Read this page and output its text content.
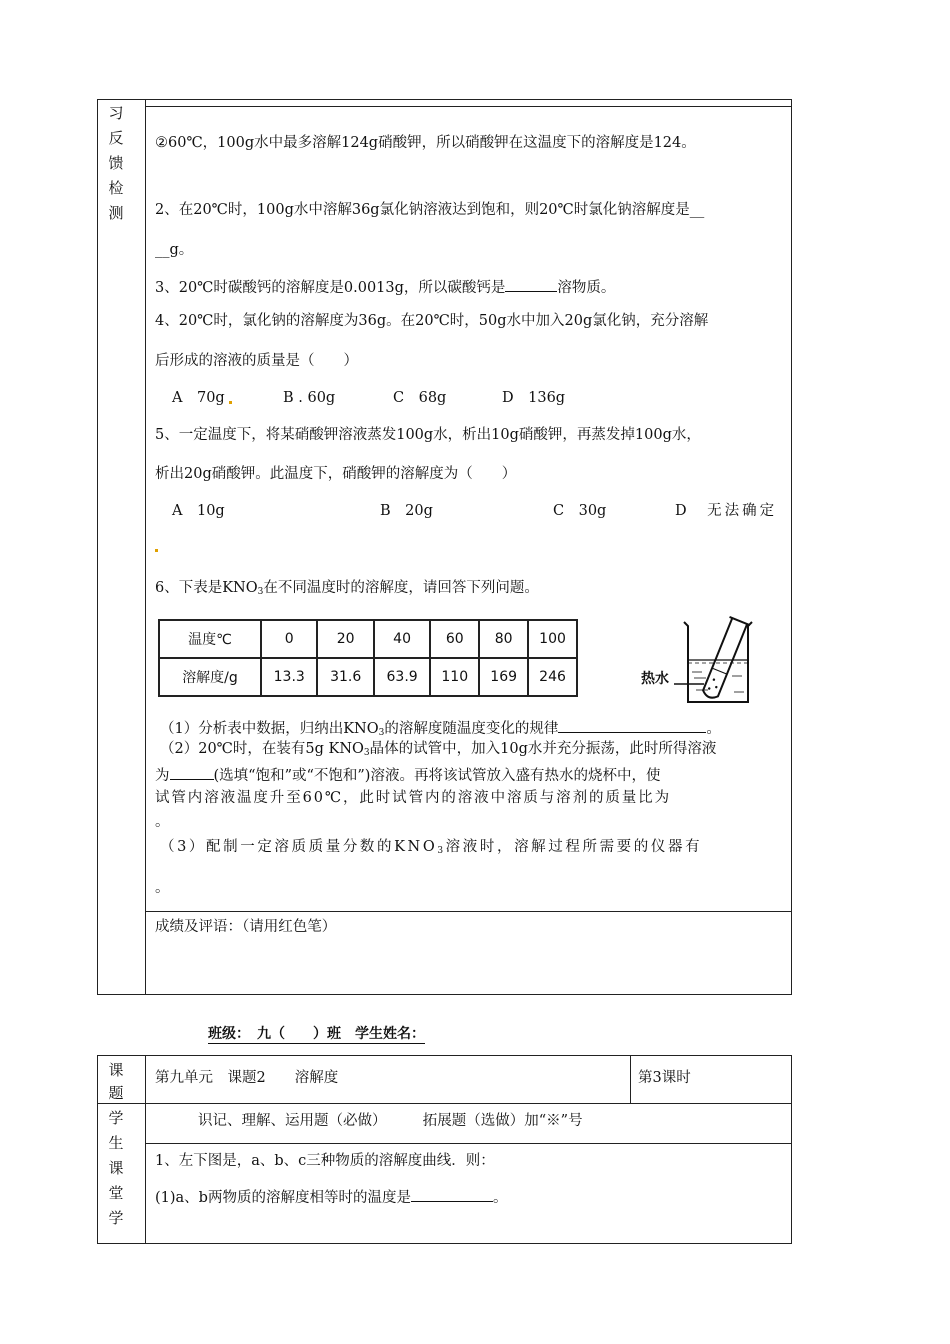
习
反
馈
检
测
②60℃，100g水中最多溶解124g硝酸钾，所以硝酸钾在这温度下的溶解度是124。
2、在20℃时，100g水中溶解36g氯化钠溶液达到饱和，则20℃时氯化钠溶解度是__
__g。
3、20℃时碳酸钙的溶解度是0.0013g，所以碳酸钙是	溶物质。
4、20℃时，氯化钠的溶解度为36g。在20℃时，50g水中加入20g氯化钠，充分溶解
后形成的溶液的质量是（　　）
A　70g	B . 60g	C　68g	D　136g
5、一定温度下，将某硝酸钾溶液蒸发100g水，析出10g硝酸钾，再蒸发掉100g水，
析出20g硝酸钾。此温度下，硝酸钾的溶解度为（　　）
A　10g	B　20g	C　30g	D　无法确定
6、下表是$KNO_3$在不同温度时的溶解度，请回答下列问题。
温度℃	0	20	40	60	80	100
溶解度/g	13.3	31.6	63.9	110	169	246	热水
（1）分析表中数据，归纳出$KNO_3$的溶解度随温度变化的规律	。
（2）20℃时，在装有5g $KNO_3$晶体的试管中，加入10g水并充分振荡，此时所得溶液
为	(选填“饱和”或“不饱和”)溶液。再将该试管放入盛有热水的烧杯中，使
试管内溶液温度升至60℃，此时试管内的溶液中溶质与溶剂的质量比为
。
（3）配制一定溶质质量分数的$KNO_3$溶液时，溶解过程所需要的仪器有
。
成绩及评语：（请用红色笔）
班级：　九（　　）班　学生姓名：
课
题
第九单元　课题2　　溶解度	第3课时
学
生
课
堂
学
识记、理解、运用题（必做）　　　拓展题（选做）加“※”号
1、左下图是，a、b、c三种物质的溶解度曲线．则：
(1)a、b两物质的溶解度相等时的温度是	。
